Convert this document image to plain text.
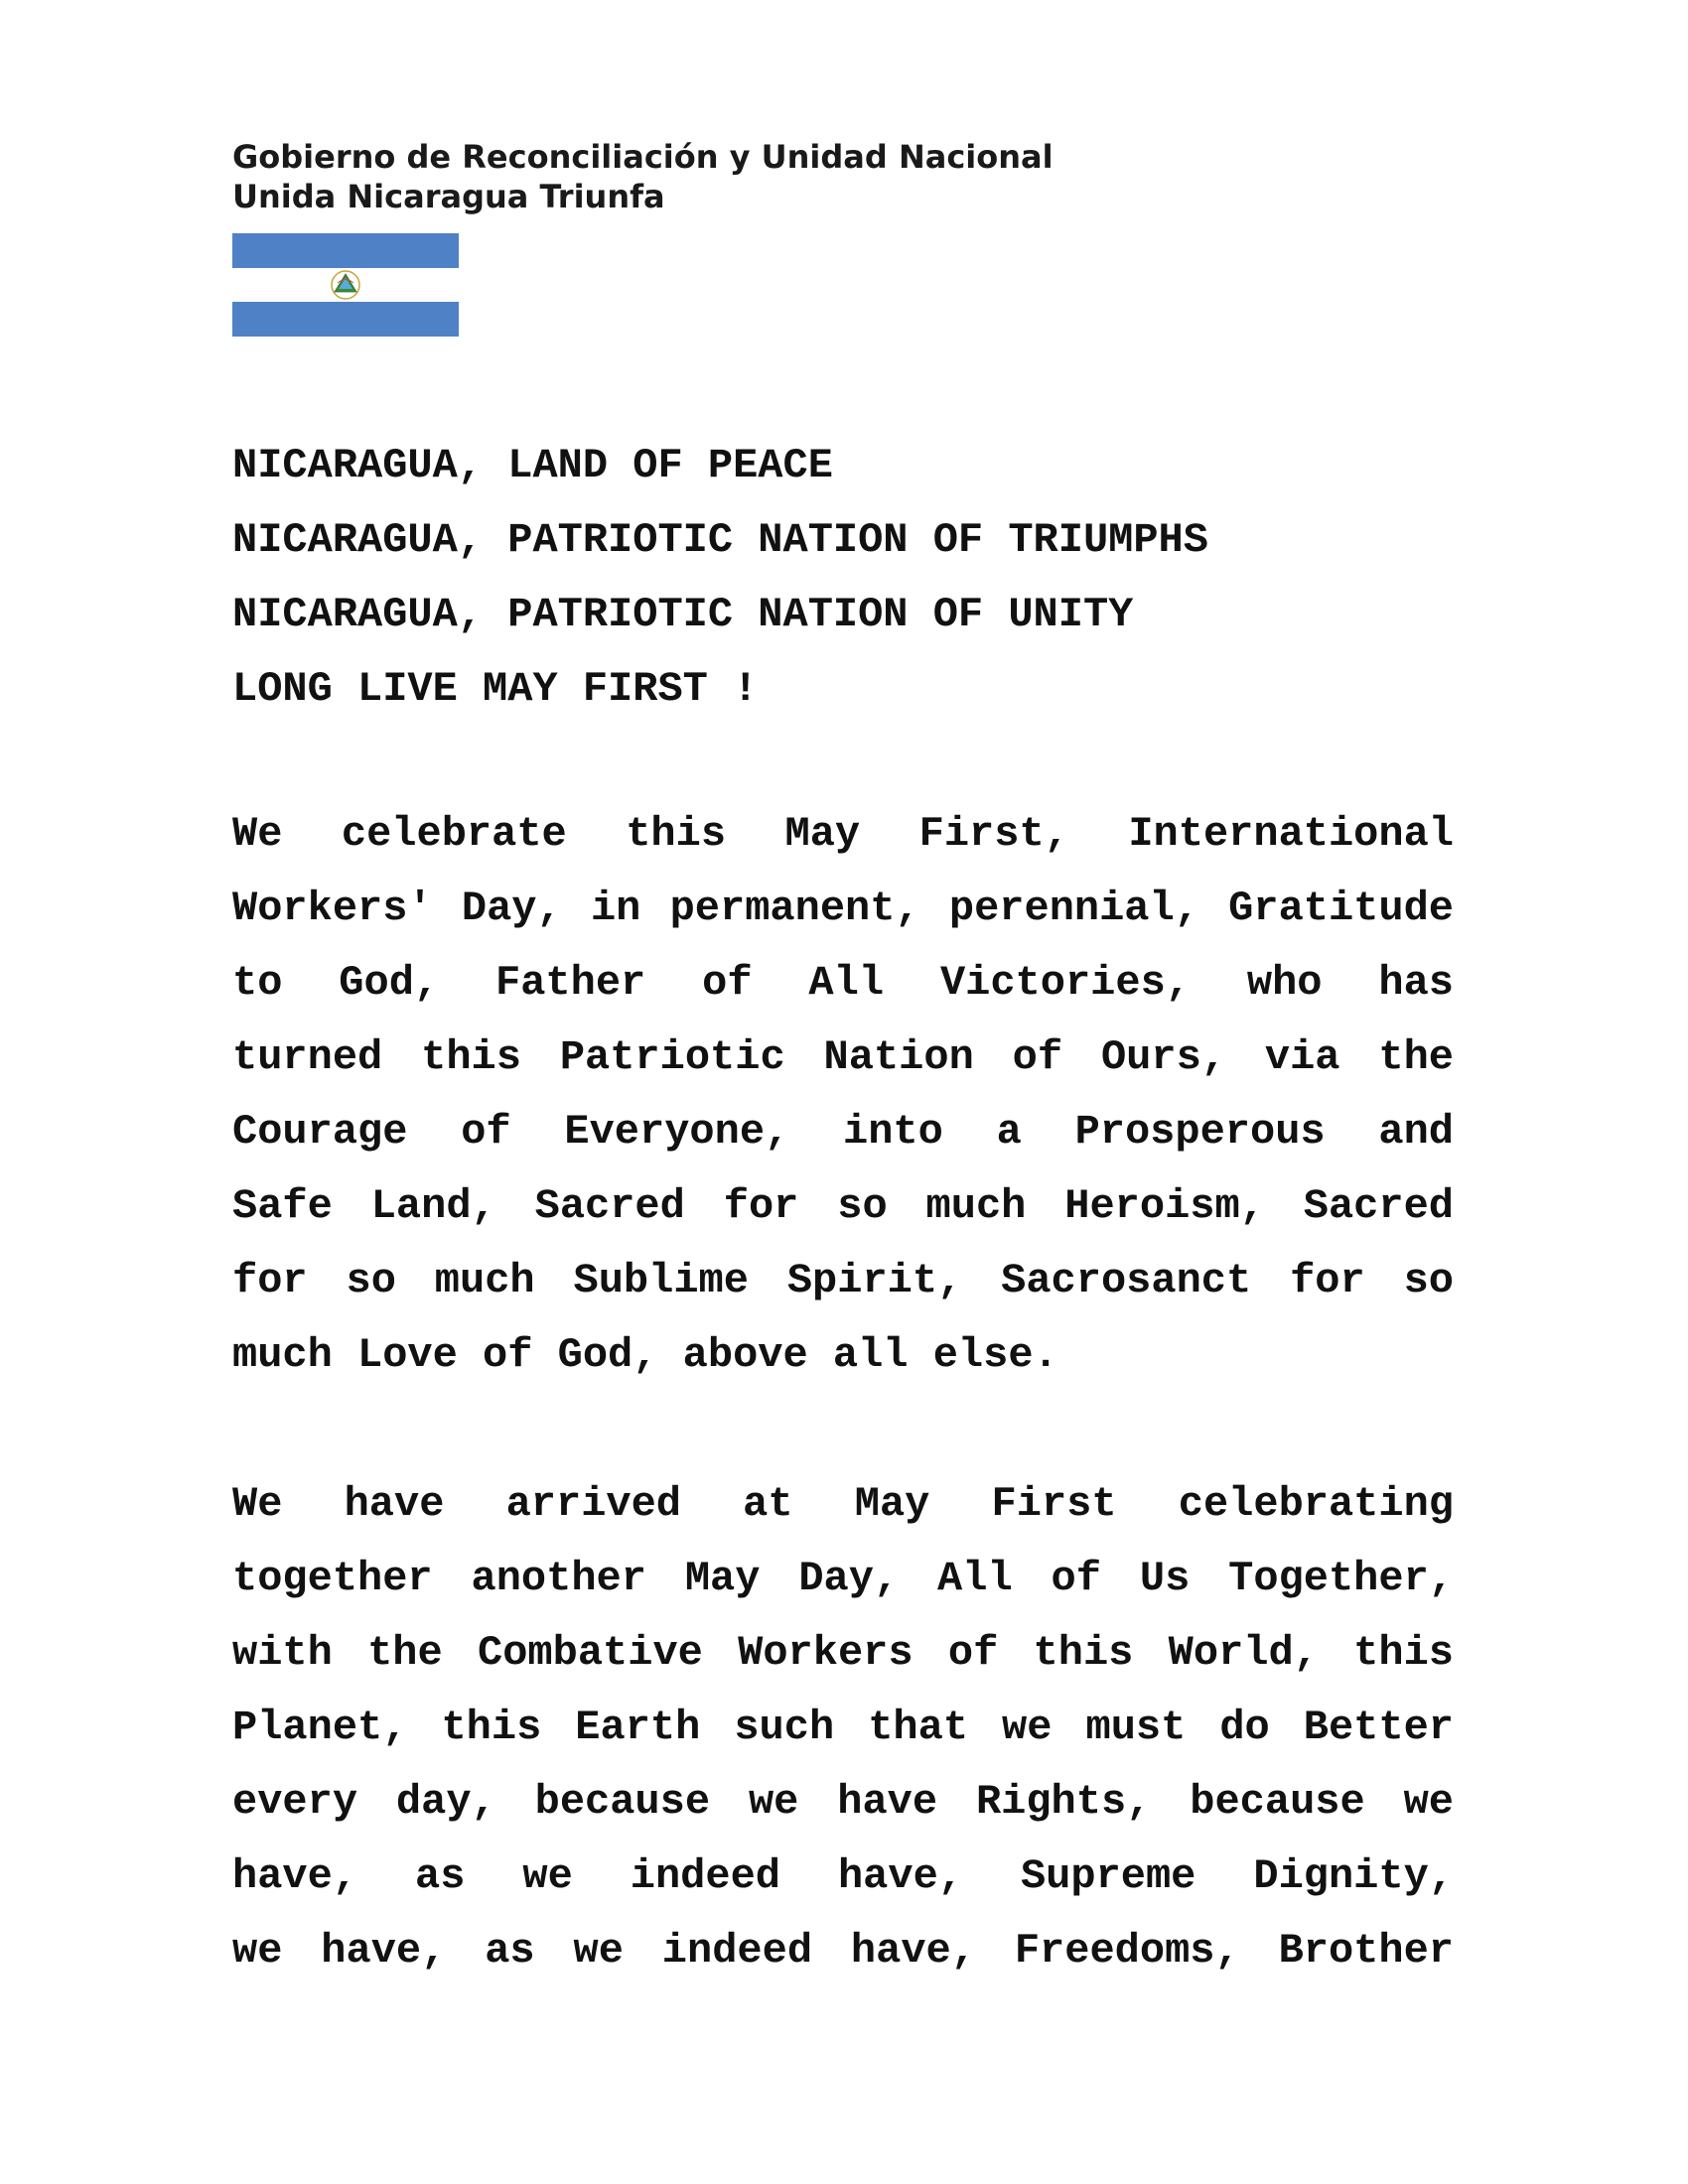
Gobierno de Reconciliación y Unidad Nacional
Unida Nicaragua Triunfa
NICARAGUA, LAND OF PEACE
NICARAGUA, PATRIOTIC NATION OF TRIUMPHS
NICARAGUA, PATRIOTIC NATION OF UNITY
LONG LIVE MAY FIRST !
We celebrate this May First, International
Workers' Day, in permanent, perennial, Gratitude
to God, Father of All Victories, who has
turned this Patriotic Nation of Ours, via the
Courage of Everyone, into a Prosperous and
Safe Land, Sacred for so much Heroism, Sacred
for so much Sublime Spirit, Sacrosanct for so
much Love of God, above all else.
We have arrived at May First celebrating
together another May Day, All of Us Together,
with the Combative Workers of this World, this
Planet, this Earth such that we must do Better
every day, because we have Rights, because we
have, as we indeed have, Supreme Dignity,
we have, as we indeed have, Freedoms, Brother
